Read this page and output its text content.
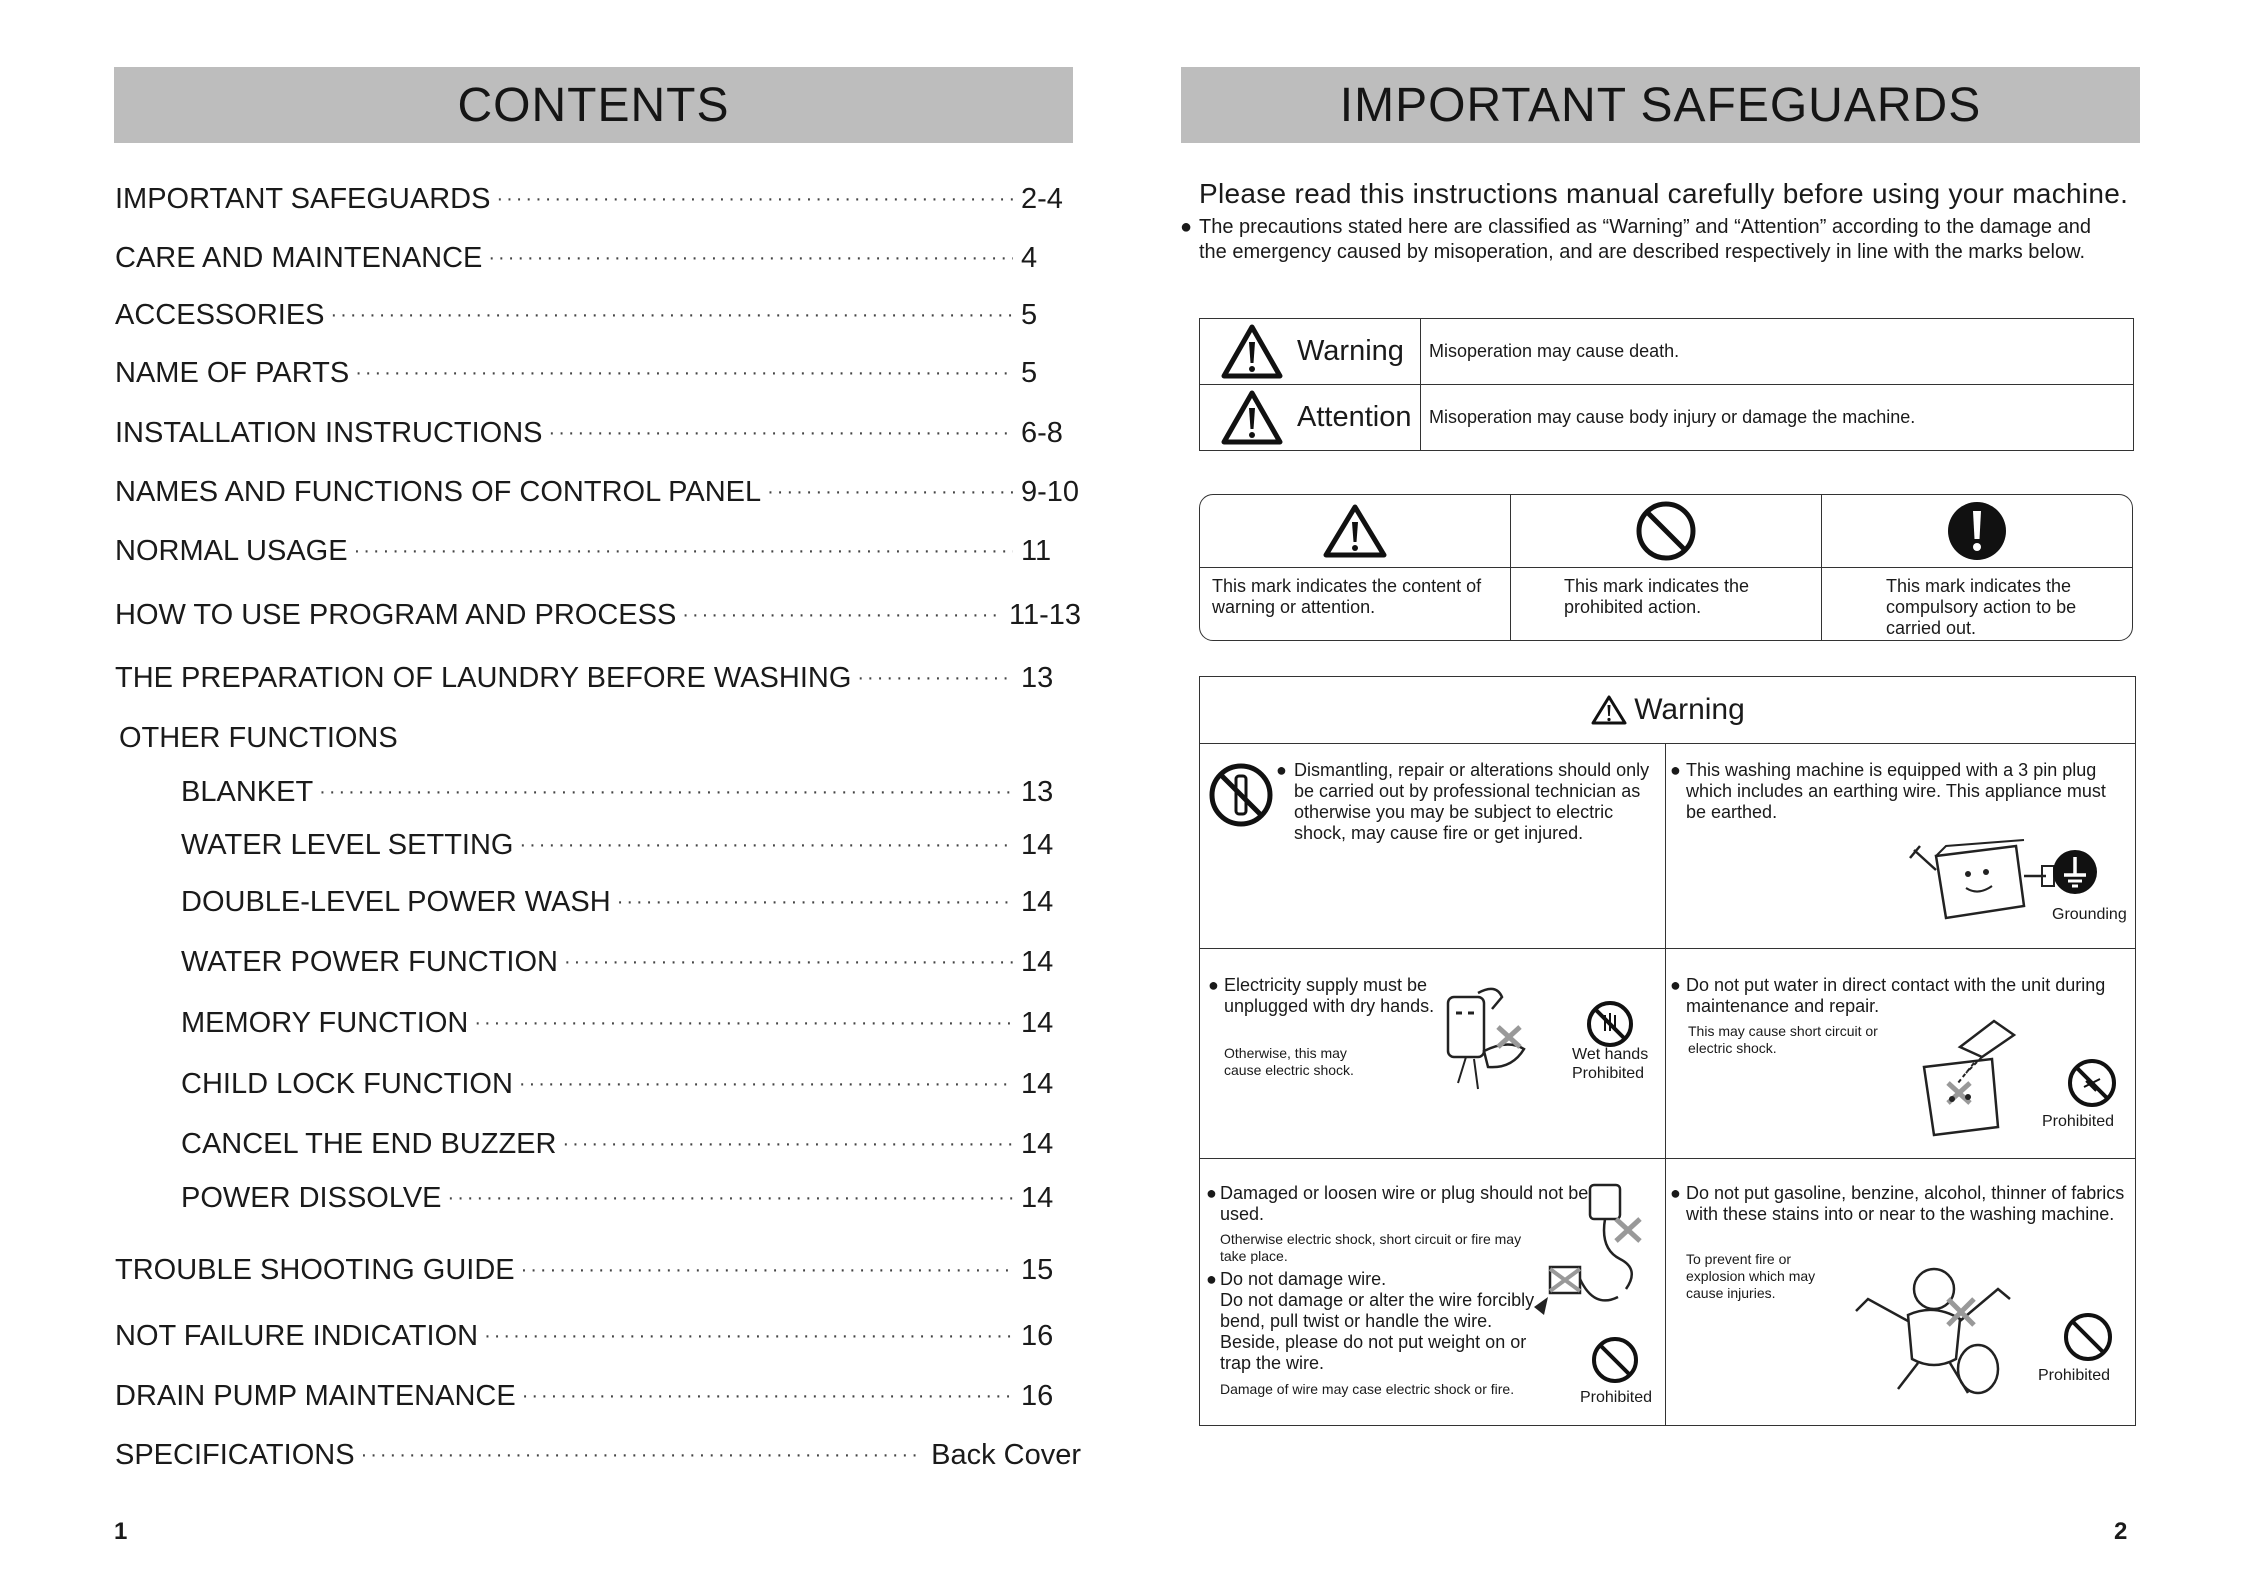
CONTENTS
IMPORTANT SAFEGUARDS ·····	2-4
CARE AND MAINTENANCE ·····	4
ACCESSORIES ·····	5
NAME OF PARTS ·····	5
INSTALLATION INSTRUCTIONS ·····	6-8
NAMES AND FUNCTIONS OF CONTROL PANEL ·····	9-10
NORMAL USAGE ·····	11
HOW TO USE PROGRAM AND PROCESS ·····	11-13
THE PREPARATION OF LAUNDRY BEFORE WASHING ·····	13
OTHER FUNCTIONS
BLANKET ·····	13
WATER LEVEL SETTING ·····	14
DOUBLE-LEVEL POWER WASH ·····	14
WATER POWER FUNCTION ·····	14
MEMORY FUNCTION ·····	14
CHILD LOCK FUNCTION ·····	14
CANCEL THE END BUZZER ·····	14
POWER DISSOLVE ·····	14
TROUBLE SHOOTING GUIDE ·····	15
NOT FAILURE INDICATION ·····	16
DRAIN PUMP MAINTENANCE ·····	16
SPECIFICATIONS ·····	Back Cover
1
IMPORTANT SAFEGUARDS
Please read this instructions manual carefully before using your machine.
● The precautions stated here are classified as “Warning” and “Attention” according to the damage and the emergency caused by misoperation, and are described respectively in line with the marks below.
Warning	Misoperation may cause death.

Attention	Misoperation may cause body injury or damage the machine.
This mark indicates the content of warning or attention.
This mark indicates the prohibited action.
This mark indicates the compulsory action to be carried out.
Warning
● Dismantling, repair or alterations should only be carried out by professional technician as otherwise you may be subject to electric shock, may cause fire or get injured.
● This washing machine is equipped with a 3 pin plug which includes an earthing wire. This appliance must be earthed.
Grounding
● Electricity supply must be unplugged with dry hands.
Otherwise, this may cause electric shock.
Wet hands Prohibited
● Do not put water in direct contact with the unit during maintenance and repair.
This may cause short circuit or electric shock.
Prohibited
● Damaged or loosen wire or plug should not be used.
Otherwise electric shock, short circuit or fire may take place.
● Do not damage wire.
Do not damage or alter the wire forcibly bend, pull twist or handle the wire. Beside, please do not put weight on or trap the wire.
Damage of wire may case electric shock or fire.	Prohibited
● Do not put gasoline, benzine, alcohol, thinner of fabrics with these stains into or near to the washing machine.
To prevent fire or explosion which may cause injuries.
Prohibited
2
